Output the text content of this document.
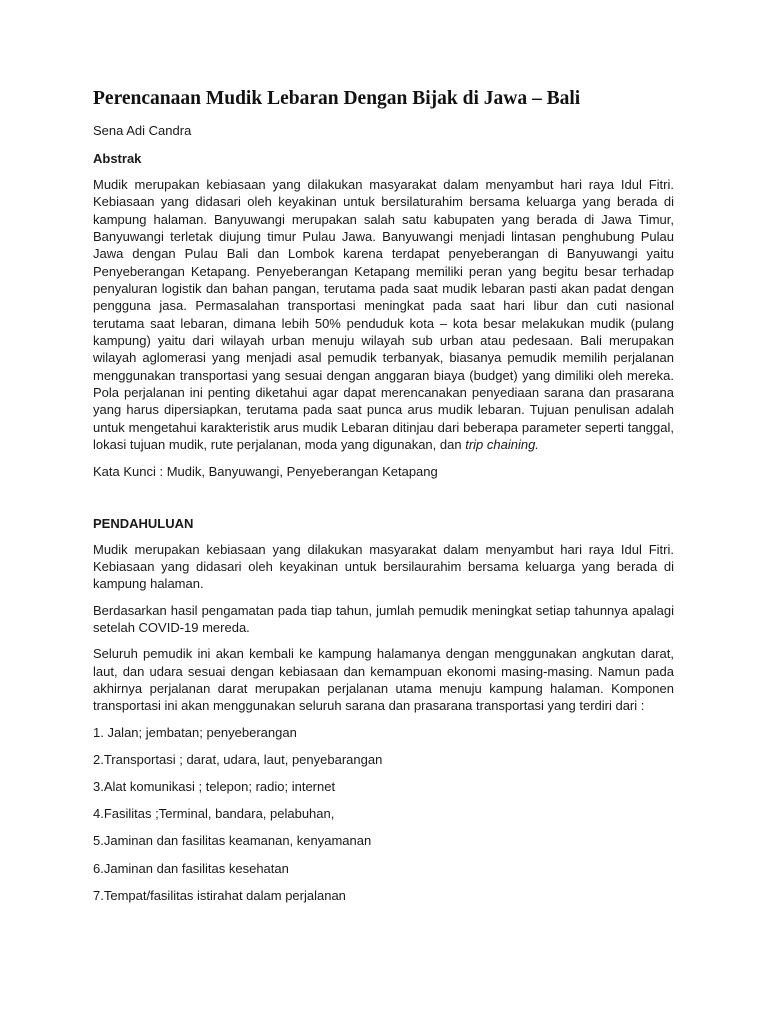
Perencanaan Mudik Lebaran Dengan Bijak di Jawa – Bali

Sena Adi Candra

Abstrak

Mudik merupakan kebiasaan yang dilakukan masyarakat dalam menyambut hari raya Idul Fitri. Kebiasaan yang didasari oleh keyakinan untuk bersilaturahim bersama keluarga yang berada di kampung halaman. Banyuwangi merupakan salah satu kabupaten yang berada di Jawa Timur, Banyuwangi terletak diujung timur Pulau Jawa. Banyuwangi menjadi lintasan penghubung Pulau Jawa dengan Pulau Bali dan Lombok karena terdapat penyeberangan di Banyuwangi yaitu Penyeberangan Ketapang. Penyeberangan Ketapang memiliki peran yang begitu besar terhadap penyaluran logistik dan bahan pangan, terutama pada saat mudik lebaran pasti akan padat dengan pengguna jasa. Permasalahan transportasi meningkat pada saat hari libur dan cuti nasional terutama saat lebaran, dimana lebih 50% penduduk kota – kota besar melakukan mudik (pulang kampung) yaitu dari wilayah urban menuju wilayah sub urban atau pedesaan. Bali merupakan wilayah aglomerasi yang menjadi asal pemudik terbanyak, biasanya pemudik memilih perjalanan menggunakan transportasi yang sesuai dengan anggaran biaya (budget) yang dimiliki oleh mereka. Pola perjalanan ini penting diketahui agar dapat merencanakan penyediaan sarana dan prasarana yang harus dipersiapkan, terutama pada saat punca arus mudik lebaran. Tujuan penulisan adalah untuk mengetahui karakteristik arus mudik Lebaran ditinjau dari beberapa parameter seperti tanggal, lokasi tujuan mudik, rute perjalanan, moda yang digunakan, dan trip chaining.

Kata Kunci : Mudik, Banyuwangi, Penyeberangan Ketapang

PENDAHULUAN

Mudik merupakan kebiasaan yang dilakukan masyarakat dalam menyambut hari raya Idul Fitri. Kebiasaan yang didasari oleh keyakinan untuk bersilaurahim bersama keluarga yang berada di kampung halaman.

Berdasarkan hasil pengamatan pada tiap tahun, jumlah pemudik meningkat setiap tahunnya apalagi setelah COVID-19 mereda.

Seluruh pemudik ini akan kembali ke kampung halamanya dengan menggunakan angkutan darat, laut, dan udara sesuai dengan kebiasaan dan kemampuan ekonomi masing-masing. Namun pada akhirnya perjalanan darat merupakan perjalanan utama menuju kampung halaman. Komponen transportasi ini akan menggunakan seluruh sarana dan prasarana transportasi yang terdiri dari :

1. Jalan; jembatan; penyeberangan
2.Transportasi ; darat, udara, laut, penyebarangan
3.Alat komunikasi ; telepon; radio; internet
4.Fasilitas ;Terminal, bandara, pelabuhan,
5.Jaminan dan fasilitas keamanan, kenyamanan
6.Jaminan dan fasilitas kesehatan
7.Tempat/fasilitas istirahat dalam perjalanan
